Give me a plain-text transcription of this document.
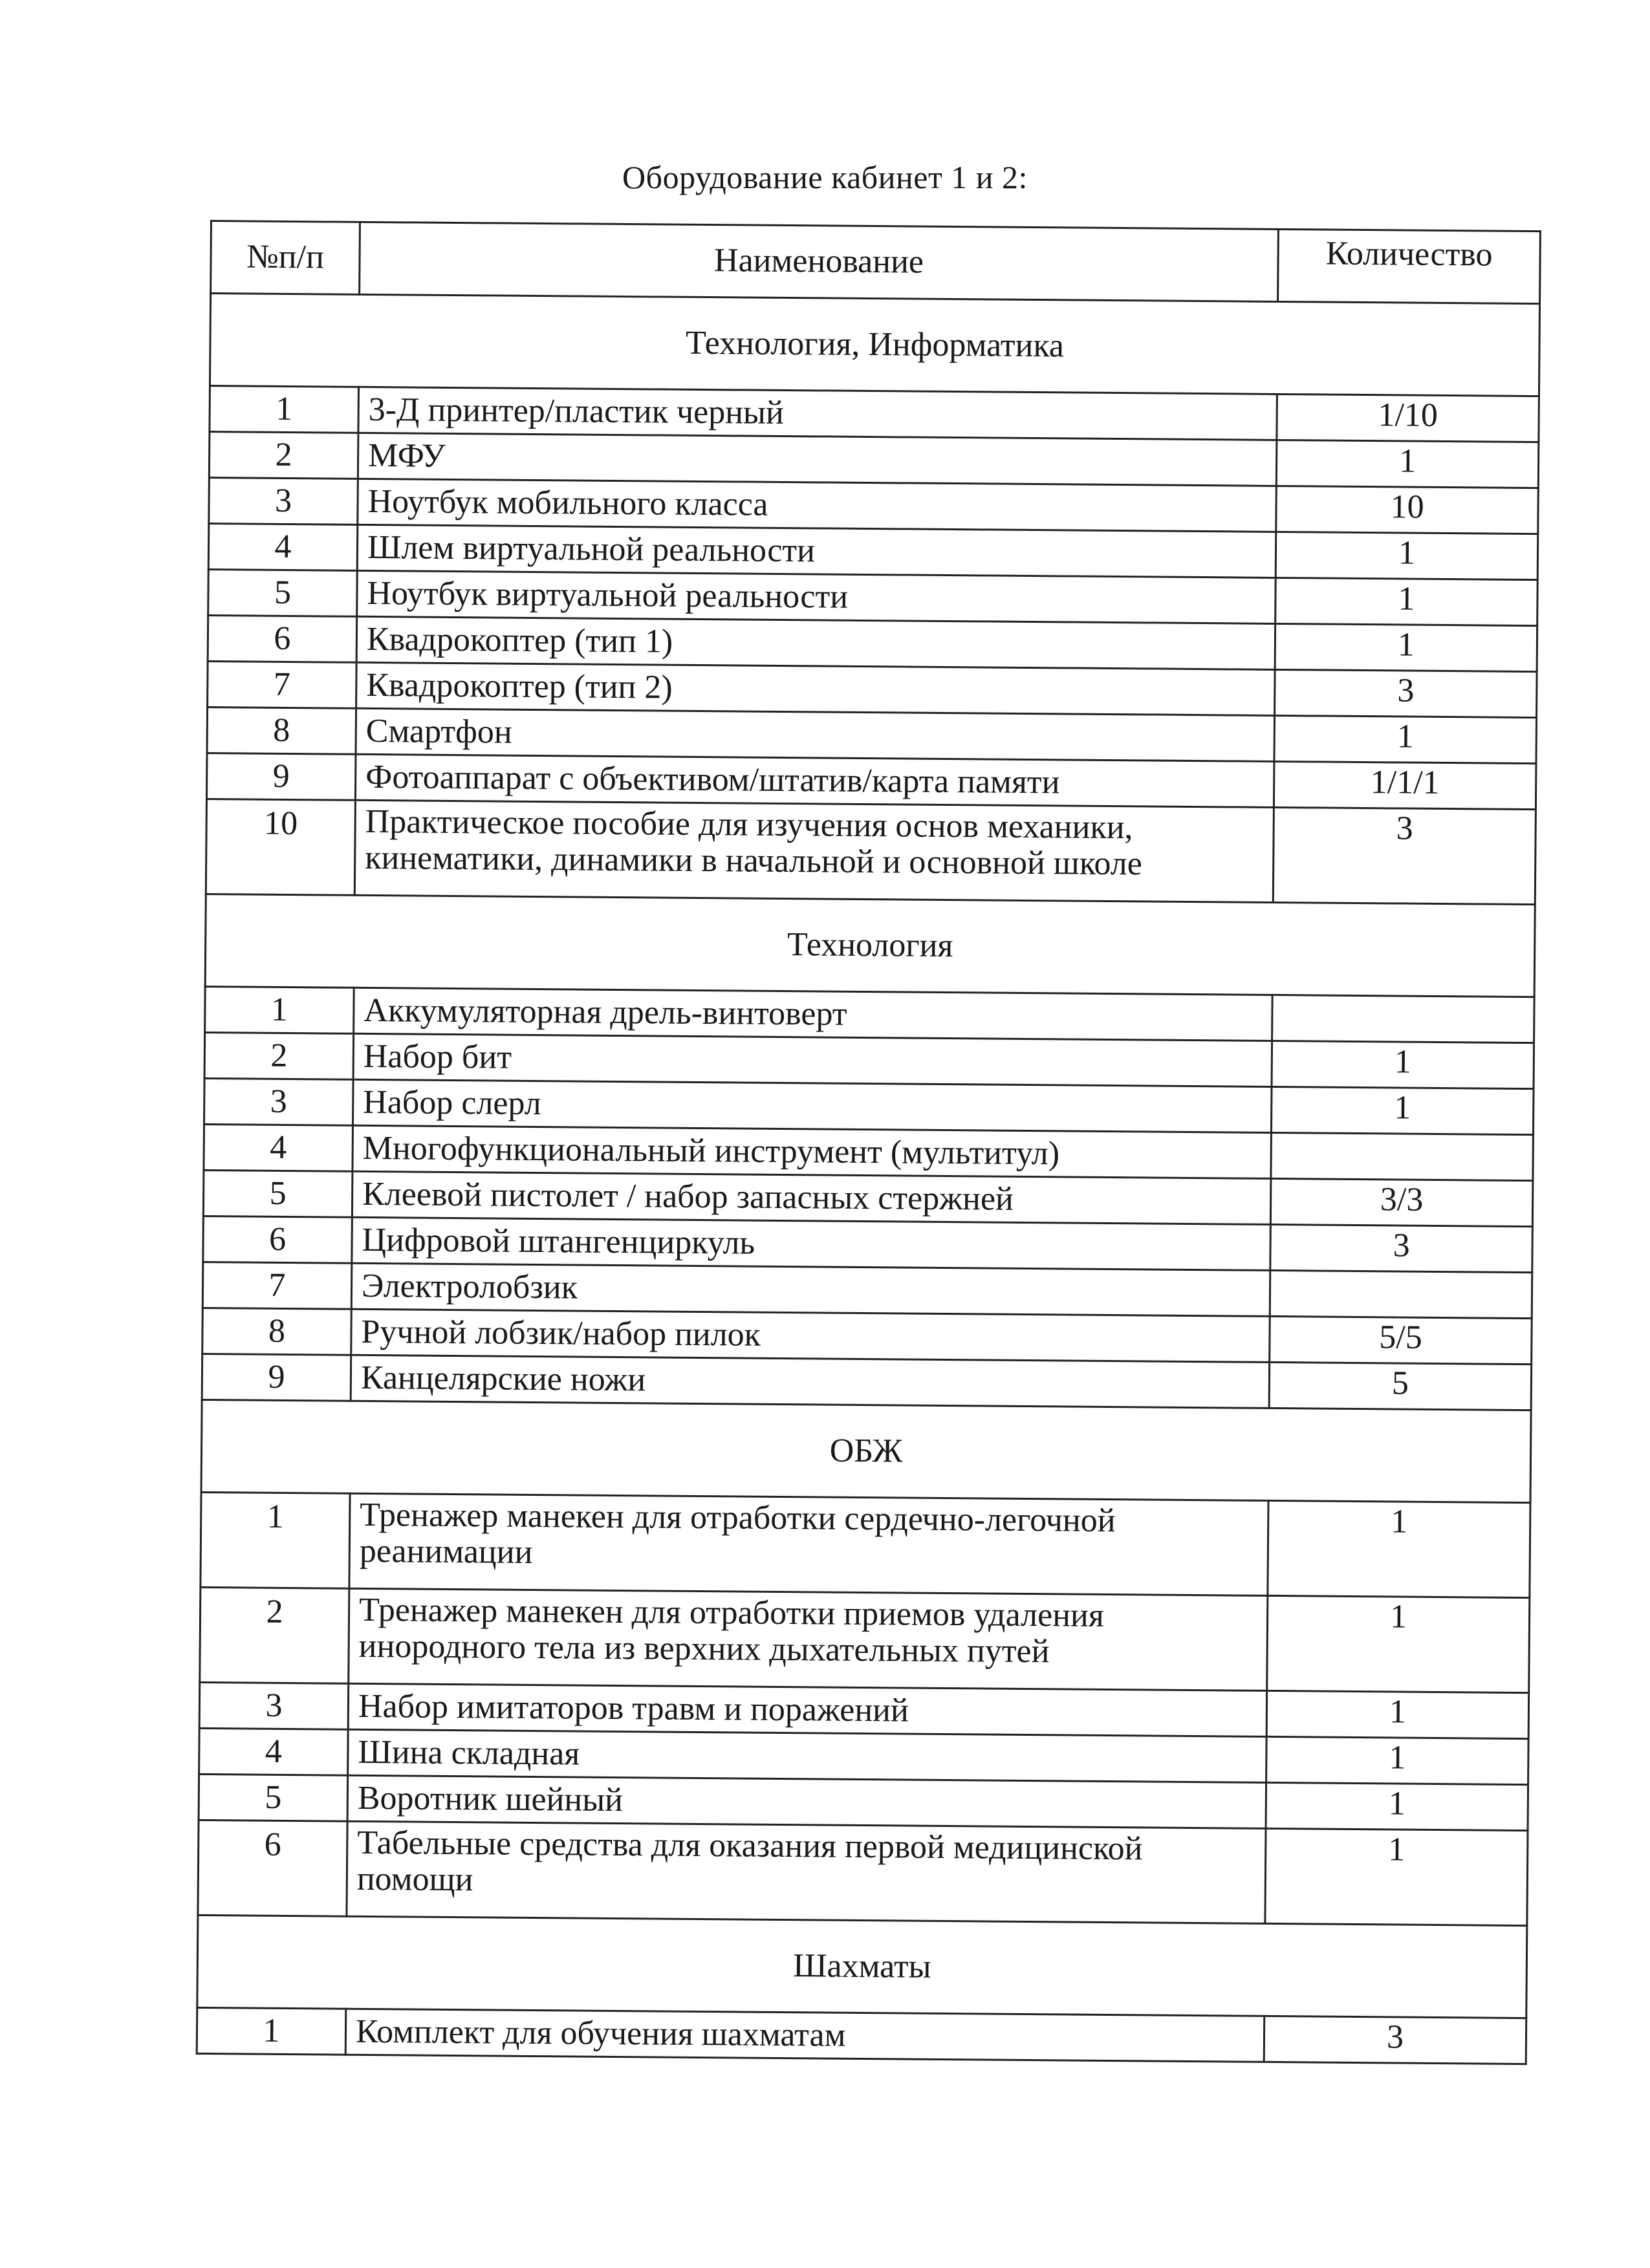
Оборудование кабинет 1 и 2:
№п/п	Наименование	Количество
Технология, Информатика		
1	3-Д принтер/пластик черный	1/10
2	МФУ	1
3	Ноутбук мобильного класса	10
4	Шлем виртуальной реальности	1
5	Ноутбук виртуальной реальности	1
6	Квадрокоптер (тип 1)	1
7	Квадрокоптер (тип 2)	3
8	Смартфон	1
9	Фотоаппарат с объективом/штатив/карта памяти	1/1/1
10	Практическое пособие для изучения основ механики, кинематики, динамики в начальной и основной школе	3
Технология		
1	Аккумуляторная дрель-винтоверт	
2	Набор бит	1
3	Набор слерл	1
4	Многофункциональный инструмент (мультитул)	
5	Клеевой пистолет / набор запасных стержней	3/3
6	Цифровой штангенциркуль	3
7	Электролобзик	
8	Ручной лобзик/набор пилок	5/5
9	Канцелярские ножи	5
ОБЖ		
1	Тренажер манекен для отработки сердечно-легочной реанимации	1
2	Тренажер манекен для отработки приемов удаления инородного тела из верхних дыхательных путей	1
3	Набор имитаторов травм и поражений	1
4	Шина складная	1
5	Воротник шейный	1
6	Табельные средства для оказания первой медицинской помощи	1
Шахматы		
1	Комплект для обучения шахматам	3
